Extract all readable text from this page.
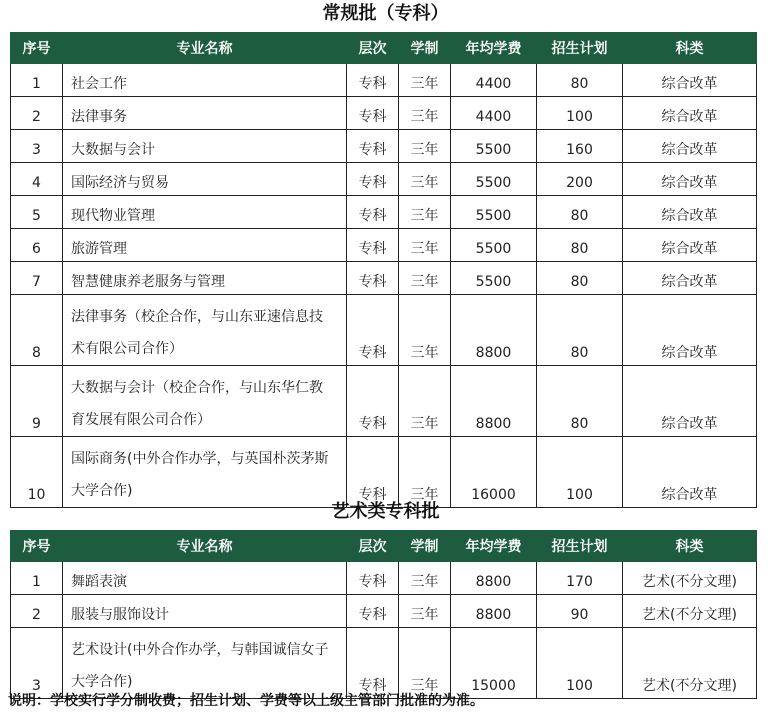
常规批（专科）
序号	专业名称	层次	学制	年均学费	招生计划	科类

1	社会工作	专科	三年	4400	80	综合改革

2	法律事务	专科	三年	4400	100	综合改革

3	大数据与会计	专科	三年	5500	160	综合改革

4	国际经济与贸易	专科	三年	5500	200	综合改革

5	现代物业管理	专科	三年	5500	80	综合改革

6	旅游管理	专科	三年	5500	80	综合改革

7	智慧健康养老服务与管理	专科	三年	5500	80	综合改革

8	法律事务（校企合作，与山东亚速信息技术有限公司合作）	专科	三年	8800	80	综合改革

9	大数据与会计（校企合作，与山东华仁教育发展有限公司合作）	专科	三年	8800	80	综合改革

10	国际商务(中外合作办学，与英国朴茨茅斯大学合作)	专科	三年	16000	100	综合改革
艺术类专科批
序号	专业名称	层次	学制	年均学费	招生计划	科类

1	舞蹈表演	专科	三年	8800	170	艺术(不分文理)

2	服装与服饰设计	专科	三年	8800	90	艺术(不分文理)

3	艺术设计(中外合作办学，与韩国诚信女子大学合作)	专科	三年	15000	100	艺术(不分文理)
说明：学校实行学分制收费；招生计划、学费等以上级主管部门批准的为准。
